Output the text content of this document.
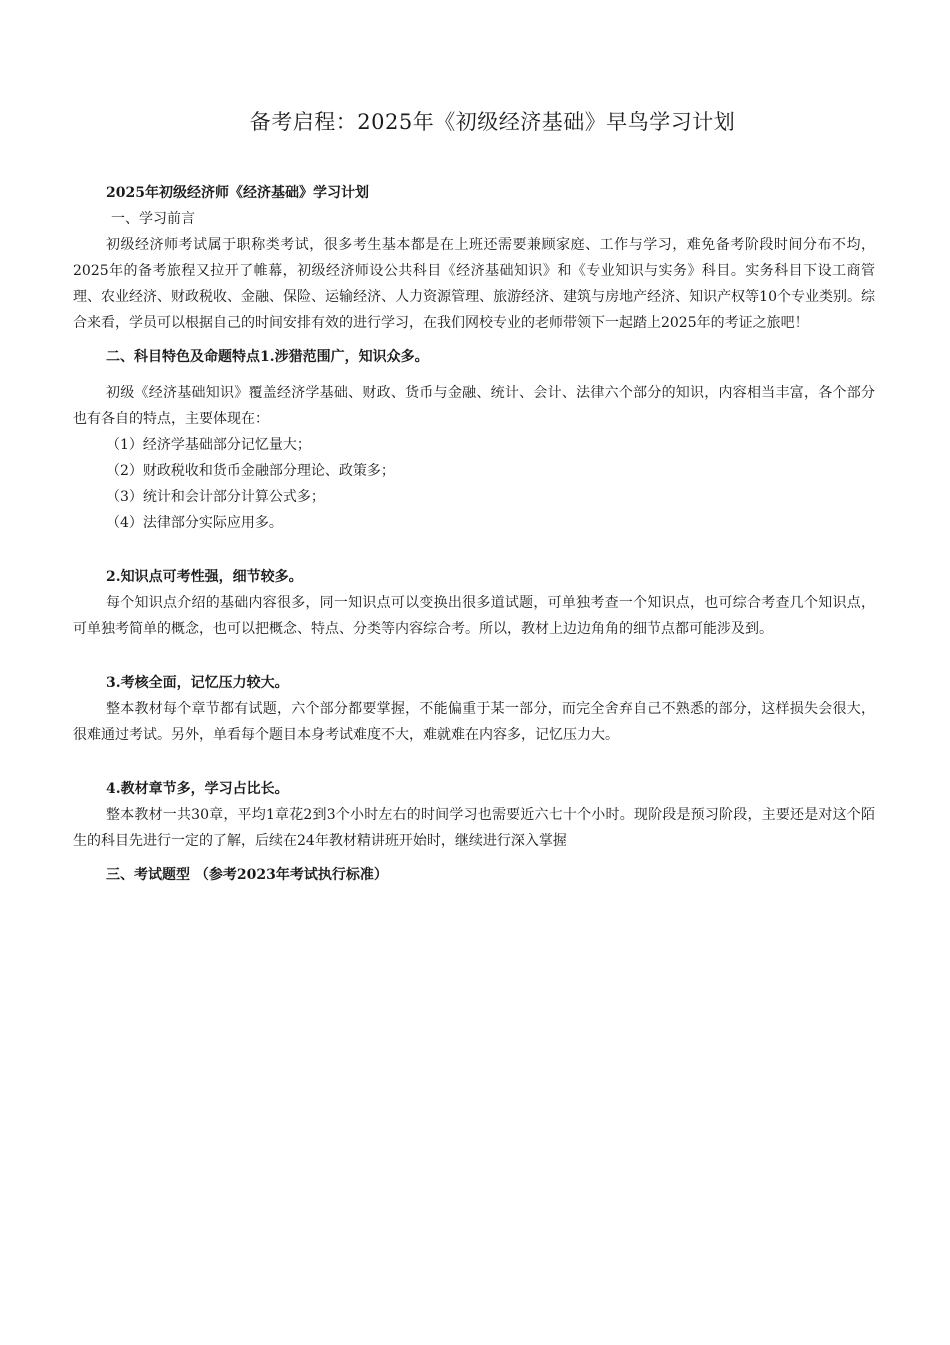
备考启程：2025年《初级经济基础》早鸟学习计划

2025年初级经济师《经济基础》学习计划

一、学习前言

初级经济师考试属于职称类考试，很多考生基本都是在上班还需要兼顾家庭、工作与学习，难免备考阶段时间分布不均，2025年的备考旅程又拉开了帷幕，初级经济师设公共科目《经济基础知识》和《专业知识与实务》科目。实务科目下设工商管理、农业经济、财政税收、金融、保险、运输经济、人力资源管理、旅游经济、建筑与房地产经济、知识产权等10个专业类别。综合来看，学员可以根据自己的时间安排有效的进行学习，在我们网校专业的老师带领下一起踏上2025年的考证之旅吧！

二、科目特色及命题特点1.涉猎范围广，知识众多。

初级《经济基础知识》覆盖经济学基础、财政、货币与金融、统计、会计、法律六个部分的知识，内容相当丰富，各个部分也有各自的特点，主要体现在：

（1）经济学基础部分记忆量大；

（2）财政税收和货币金融部分理论、政策多；

（3）统计和会计部分计算公式多；

（4）法律部分实际应用多。

2.知识点可考性强，细节较多。

每个知识点介绍的基础内容很多，同一知识点可以变换出很多道试题，可单独考查一个知识点，也可综合考查几个知识点，可单独考简单的概念，也可以把概念、特点、分类等内容综合考。所以，教材上边边角角的细节点都可能涉及到。

3.考核全面，记忆压力较大。

整本教材每个章节都有试题，六个部分都要掌握，不能偏重于某一部分，而完全舍弃自己不熟悉的部分，这样损失会很大，很难通过考试。另外，单看每个题目本身考试难度不大，难就难在内容多，记忆压力大。

4.教材章节多，学习占比长。

整本教材一共30章，平均1章花2到3个小时左右的时间学习也需要近六七十个小时。现阶段是预习阶段，主要还是对这个陌生的科目先进行一定的了解，后续在24年教材精讲班开始时，继续进行深入掌握

三、考试题型 （参考2023年考试执行标准）
